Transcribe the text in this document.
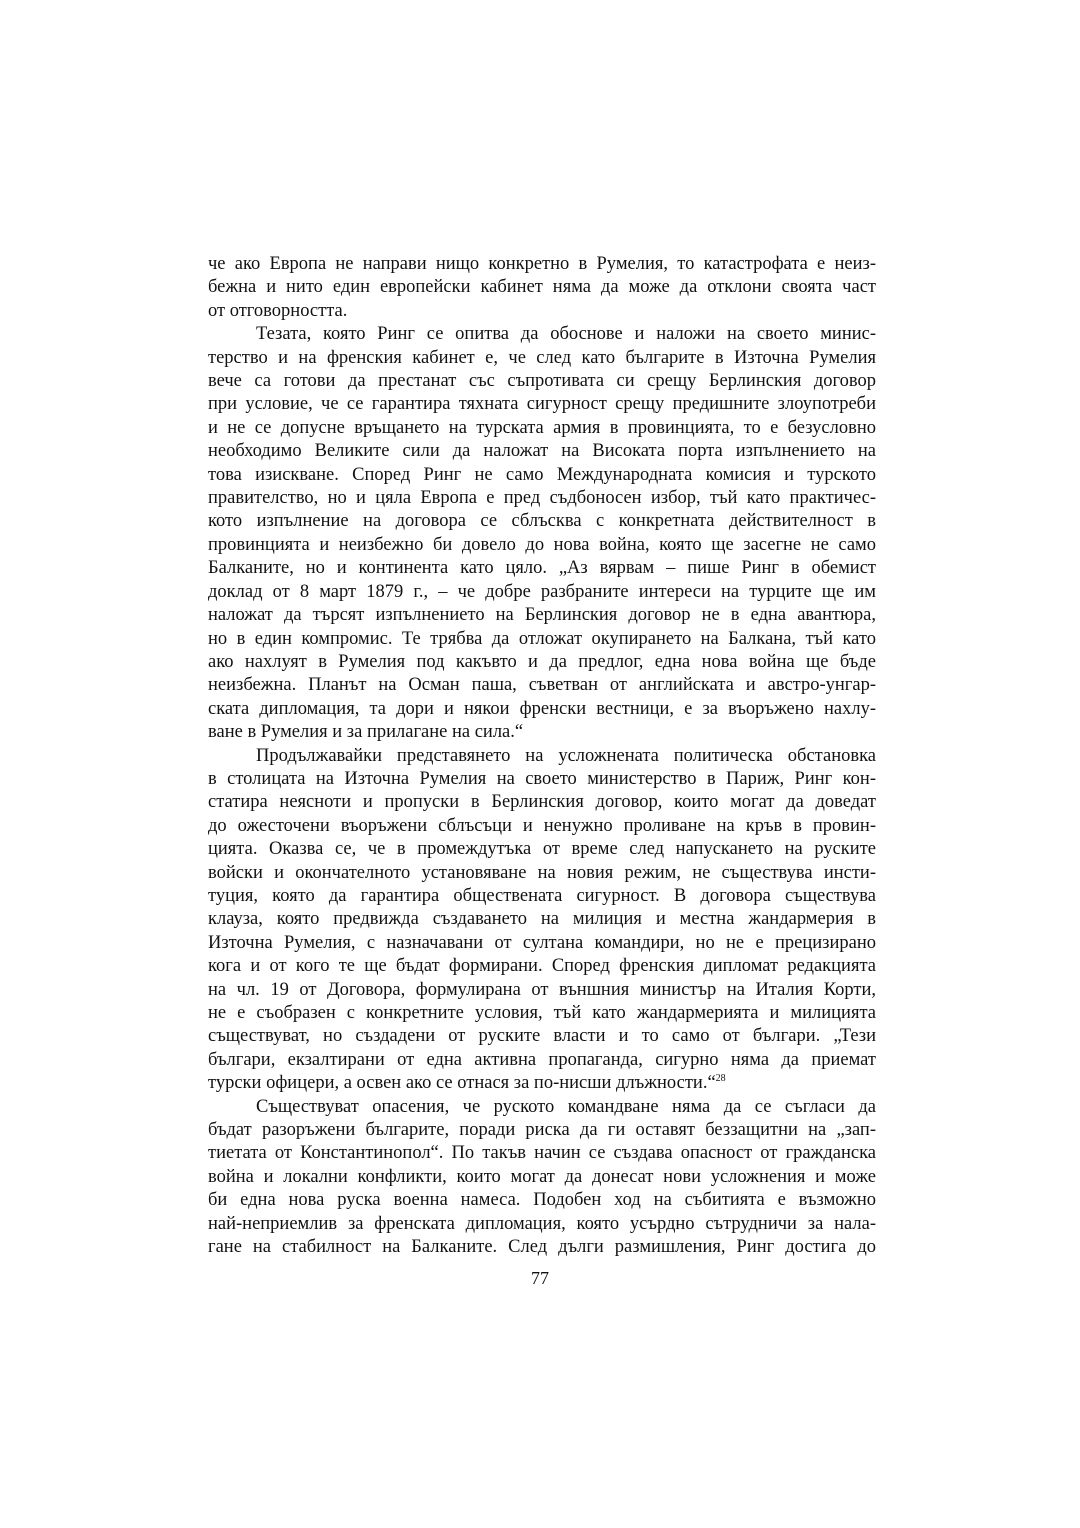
че ако Европа не направи нищо конкретно в Румелия, то катастрофата е неиз-
бежна и нито един европейски кабинет няма да може да отклони своята част
от отговорността.

Тезата, която Ринг се опитва да обоснове и наложи на своето минис-
терство и на френския кабинет е, че след като българите в Източна Румелия
вече са готови да престанат със съпротивата си срещу Берлинския договор
при условие, че се гарантира тяхната сигурност срещу предишните злоупотреби
и не се допусне връщането на турската армия в провинцията, то е безусловно
необходимо Великите сили да наложат на Високата порта изпълнението на
това изискване. Според Ринг не само Международната комисия и турското
правителство, но и цяла Европа е пред съдбоносен избор, тъй като практичес-
кото изпълнение на договора се сблъсква с конкретната действителност в
провинцията и неизбежно би довело до нова война, която ще засегне не само
Балканите, но и континента като цяло. „Аз вярвам – пише Ринг в обемист
доклад от 8 март 1879 г., – че добре разбраните интереси на турците ще им
наложат да търсят изпълнението на Берлинския договор не в една авантюра,
но в един компромис. Те трябва да отложат окупирането на Балкана, тъй като
ако нахлуят в Румелия под какъвто и да предлог, една нова война ще бъде
неизбежна. Планът на Осман паша, съветван от английската и австро-унгар-
ската дипломация, та дори и някои френски вестници, е за въоръжено нахлу-
ване в Румелия и за прилагане на сила.“

Продължавайки представянето на усложнената политическа обстановка
в столицата на Източна Румелия на своето министерство в Париж, Ринг кон-
статира неясноти и пропуски в Берлинския договор, които могат да доведат
до ожесточени въоръжени сблъсъци и ненужно проливане на кръв в провин-
цията. Оказва се, че в промеждутъка от време след напускането на руските
войски и окончателното установяване на новия режим, не съществува инсти-
туция, която да гарантира обществената сигурност. В договора съществува
клауза, която предвижда създаването на милиция и местна жандармерия в
Източна Румелия, с назначавани от султана командири, но не е прецизирано
кога и от кого те ще бъдат формирани. Според френския дипломат редакцията
на чл. 19 от Договора, формулирана от външния министър на Италия Корти,
не е съобразен с конкретните условия, тъй като жандармерията и милицията
съществуват, но създадени от руските власти и то само от българи. „Тези
българи, екзалтирани от една активна пропаганда, сигурно няма да приемат
турски офицери, а освен ако се отнася за по-нисши длъжности.“$^{28}$

Съществуват опасения, че руското командване няма да се съгласи да
бъдат разоръжени българите, поради риска да ги оставят беззащитни на „зап-
тиетата от Константинопол“. По такъв начин се създава опасност от гражданска
война и локални конфликти, които могат да донесат нови усложнения и може
би една нова руска военна намеса. Подобен ход на събитията е възможно
най-неприемлив за френската дипломация, която усърдно сътрудничи за нала-
гане на стабилност на Балканите. След дълги размишления, Ринг достига до

77
